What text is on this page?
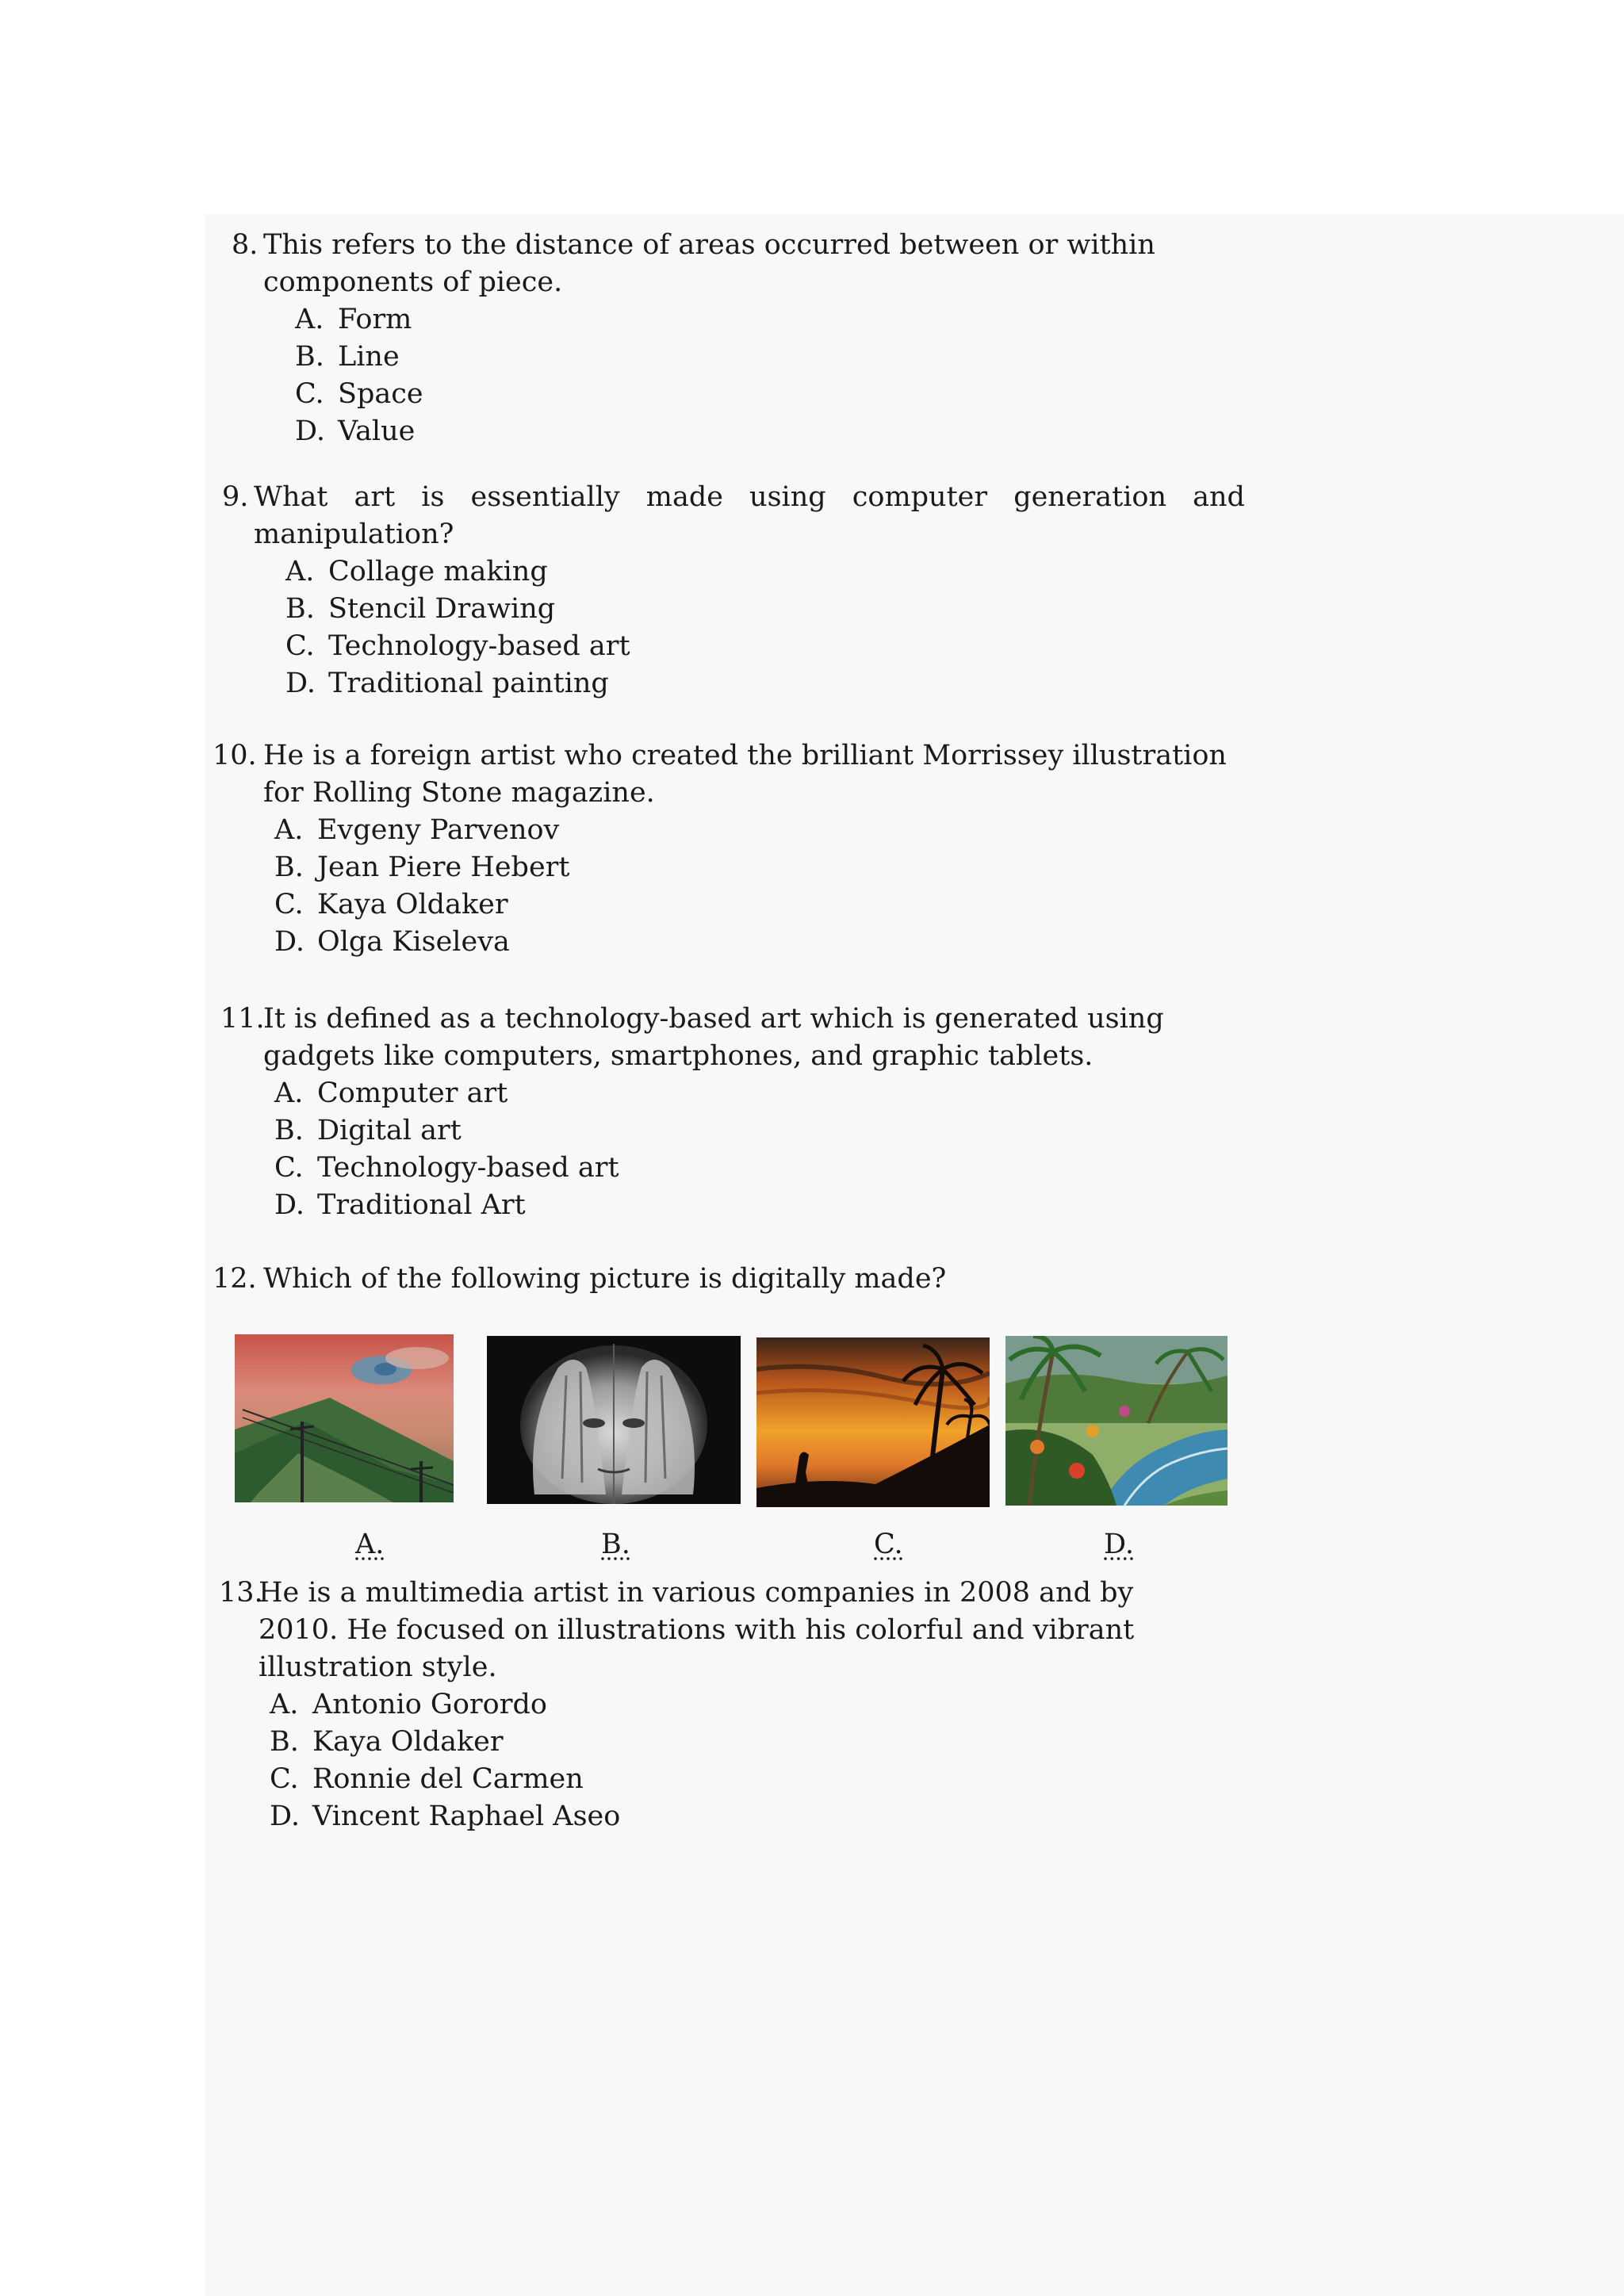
8. This refers to the distance of areas occurred between or within
components of piece.
A. Form
B. Line
C. Space
D. Value
9. What art is essentially made using computer generation and
manipulation?
A. Collage making
B. Stencil Drawing
C. Technology-based art
D. Traditional painting
10. He is a foreign artist who created the brilliant Morrissey illustration
for Rolling Stone magazine.
A. Evgeny Parvenov
B. Jean Piere Hebert
C. Kaya Oldaker
D. Olga Kiseleva
11.It is defined as a technology-based art which is generated using
gadgets like computers, smartphones, and graphic tablets.
A. Computer art
B. Digital art
C. Technology-based art
D. Traditional Art
12. Which of the following picture is digitally made?
A.	B.	C.	D.
13.He is a multimedia artist in various companies in 2008 and by
2010. He focused on illustrations with his colorful and vibrant
illustration style.
A. Antonio Gorordo
B. Kaya Oldaker
C. Ronnie del Carmen
D. Vincent Raphael Aseo
